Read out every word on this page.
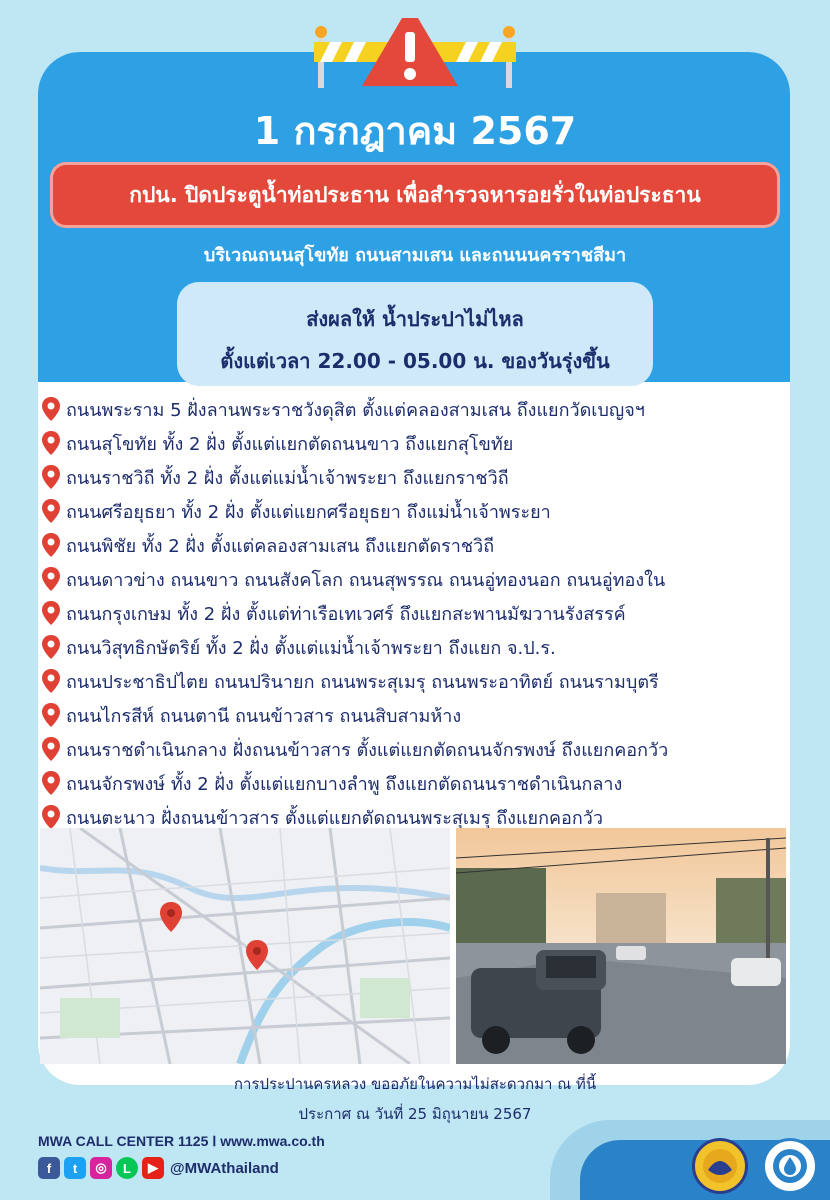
1 กรกฎาคม 2567
กปน. ปิดประตูน้ำท่อประธาน เพื่อสำรวจหารอยรั่วในท่อประธาน
บริเวณถนนสุโขทัย ถนนสามเสน และถนนนครราชสีมา
ส่งผลให้ น้ำประปาไม่ไหล
ตั้งแต่เวลา 22.00 - 05.00 น. ของวันรุ่งขึ้น
ถนนพระราม 5 ฝั่งลานพระราชวังดุสิต ตั้งแต่คลองสามเสน ถึงแยกวัดเบญจฯ
ถนนสุโขทัย ทั้ง 2 ฝั่ง ตั้งแต่แยกตัดถนนขาว ถึงแยกสุโขทัย
ถนนราชวิถี ทั้ง 2 ฝั่ง ตั้งแต่แม่น้ำเจ้าพระยา ถึงแยกราชวิถี
ถนนศรีอยุธยา ทั้ง 2 ฝั่ง ตั้งแต่แยกศรีอยุธยา ถึงแม่น้ำเจ้าพระยา
ถนนพิชัย ทั้ง 2 ฝั่ง ตั้งแต่คลองสามเสน ถึงแยกตัดราชวิถี
ถนนดาวข่าง ถนนขาว ถนนสังคโลก ถนนสุพรรณ ถนนอู่ทองนอก ถนนอู่ทองใน
ถนนกรุงเกษม ทั้ง 2 ฝั่ง ตั้งแต่ท่าเรือเทเวศร์ ถึงแยกสะพานมัฆวานรังสรรค์
ถนนวิสุทธิกษัตริย์ ทั้ง 2 ฝั่ง ตั้งแต่แม่น้ำเจ้าพระยา ถึงแยก จ.ป.ร.
ถนนประชาธิปไตย ถนนปรินายก ถนนพระสุเมรุ ถนนพระอาทิตย์ ถนนรามบุตรี
ถนนไกรสีห์ ถนนตานี ถนนข้าวสาร ถนนสิบสามห้าง
ถนนราชดำเนินกลาง ฝั่งถนนข้าวสาร ตั้งแต่แยกตัดถนนจักรพงษ์ ถึงแยกคอกวัว
ถนนจักรพงษ์ ทั้ง 2 ฝั่ง ตั้งแต่แยกบางลำพู ถึงแยกตัดถนนราชดำเนินกลาง
ถนนตะนาว ฝั่งถนนข้าวสาร ตั้งแต่แยกตัดถนนพระสุเมรุ ถึงแยกคอกวัว
การประปานครหลวง ขออภัยในความไม่สะดวกมา ณ ที่นี้
ประกาศ ณ วันที่ 25 มิถุนายน 2567
MWA CALL CENTER 1125 Ⅰ www.mwa.co.th
f	t	◎	L	▶ @MWAthailand
